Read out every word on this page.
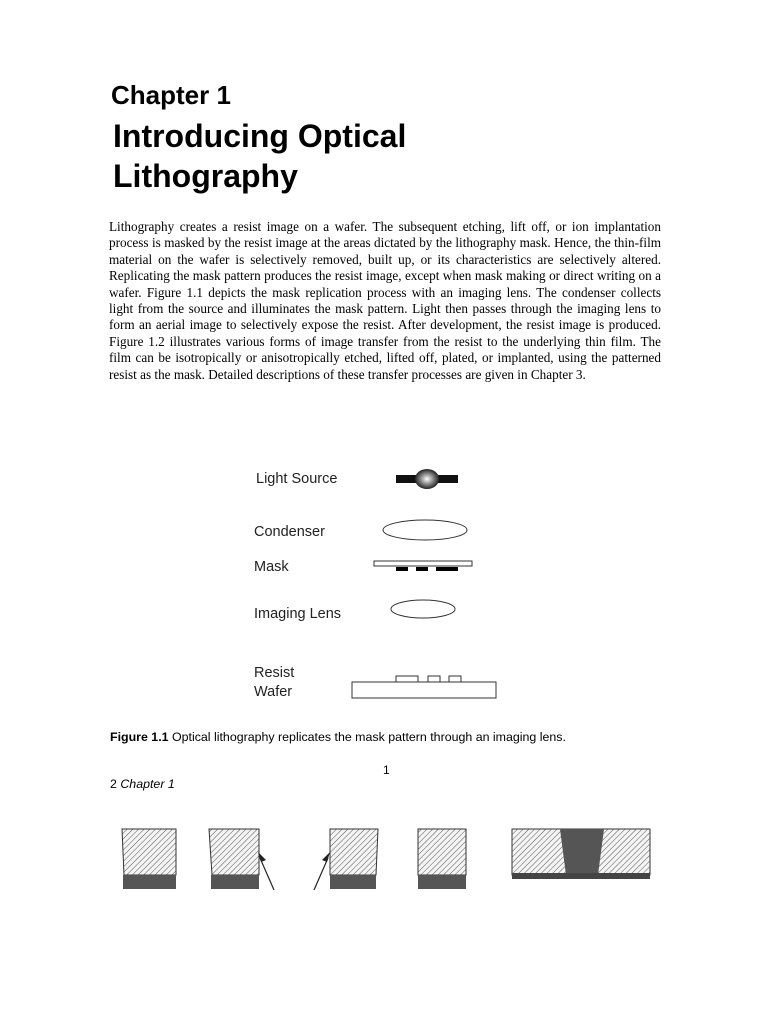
Chapter 1
Introducing Optical
Lithography

Lithography creates a resist image on a wafer. The subsequent etching, lift off, or ion implantation process is masked by the resist image at the areas dictated by the lithography mask. Hence, the thin-film material on the wafer is selectively removed, built up, or its characteristics are selectively altered. Replicating the mask pattern produces the resist image, except when mask making or direct writing on a wafer. Figure 1.1 depicts the mask replication process with an imaging lens. The condenser collects light from the source and illuminates the mask pattern. Light then passes through the imaging lens to form an aerial image to selectively expose the resist. After development, the resist image is produced. Figure 1.2 illustrates various forms of image transfer from the resist to the underlying thin film. The film can be isotropically or anisotropically etched, lifted off, plated, or implanted, using the patterned resist as the mask. Detailed descriptions of these transfer processes are given in Chapter 3.

Light Source
Condenser
Mask
Imaging Lens
Resist
Wafer
Figure 1.1 Optical lithography replicates the mask pattern through an imaging lens.
1
2 Chapter 1
